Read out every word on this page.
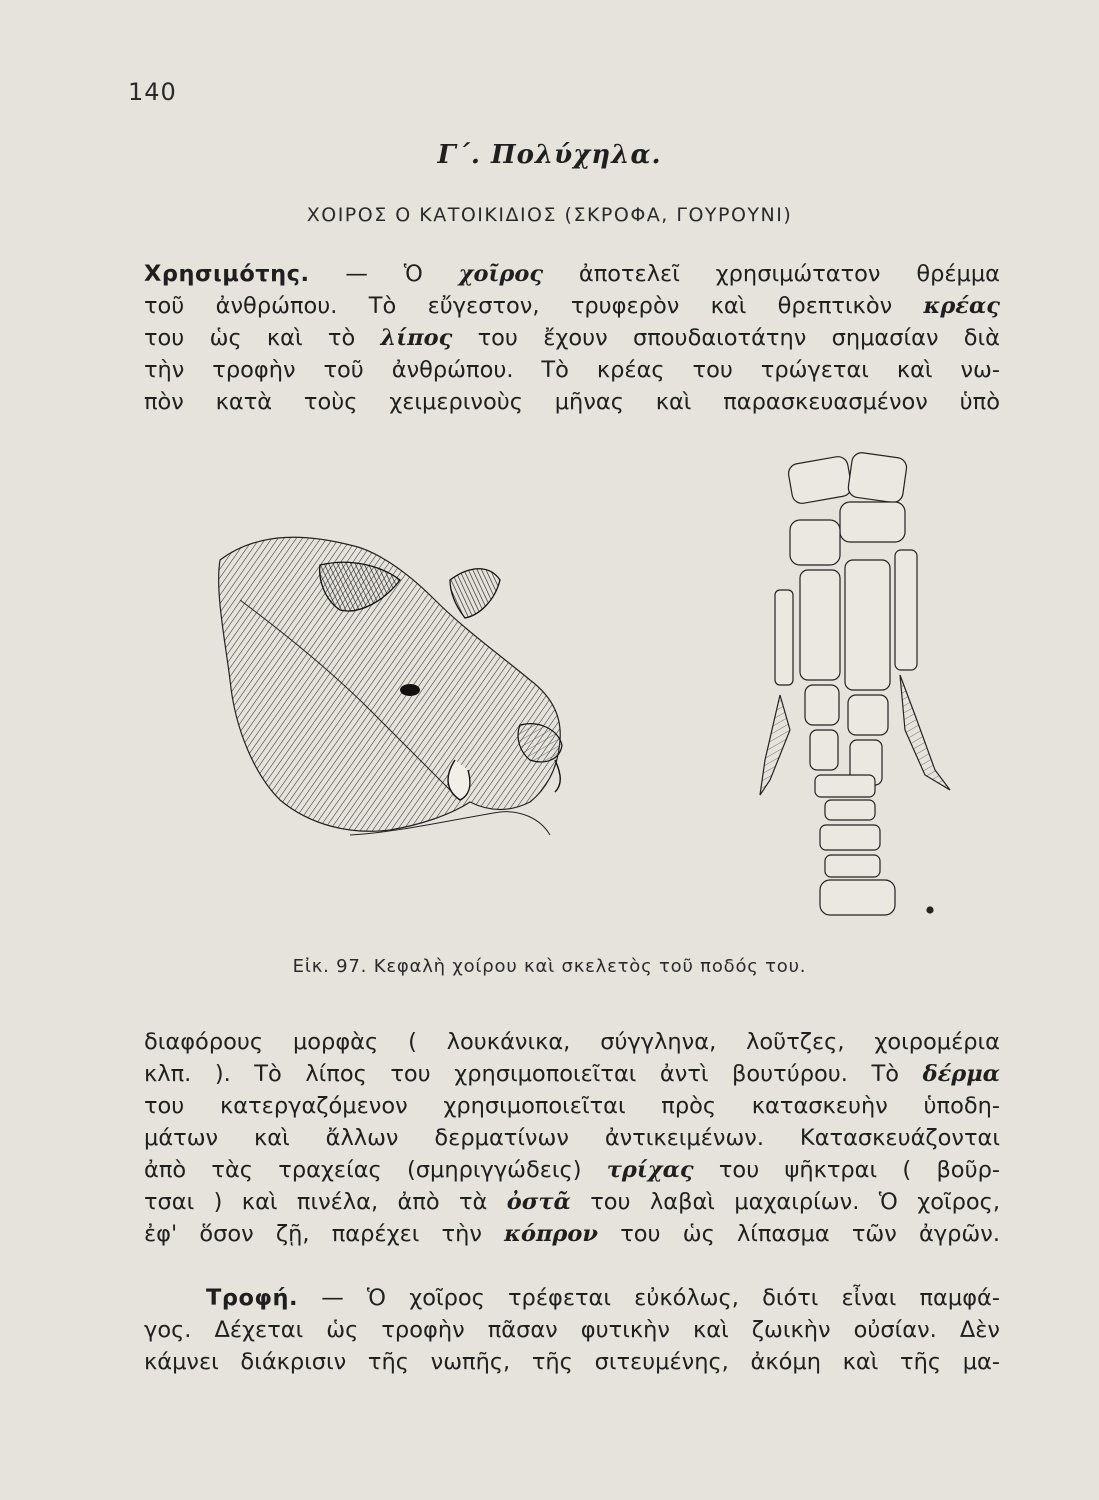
140
Γ΄. Πολύχηλα.
ΧΟΙΡΟΣ Ο ΚΑΤΟΙΚΙΔΙΟΣ (ΣΚΡΟΦΑ, ΓΟΥΡΟΥΝΙ)
Χρησιμότης. — Ὁ χοῖρος ἀποτελεῖ χρησιμώτατον θρέμμα
τοῦ ἀνθρώπου. Τὸ εὔγεστον, τρυφερὸν καὶ θρεπτικὸν κρέας
του ὡς καὶ τὸ λίπος του ἔχουν σπουδαιοτάτην σημασίαν διὰ
τὴν τροφὴν τοῦ ἀνθρώπου. Τὸ κρέας του τρώγεται καὶ νω-
πὸν κατὰ τοὺς χειμερινοὺς μῆνας καὶ παρασκευασμένον ὑπὸ
Εἰκ. 97. Κεφαλὴ χοίρου καὶ σκελετὸς τοῦ ποδός του.
διαφόρους μορφὰς ( λουκάνικα, σύγγληνα, λοῦτζες, χοιρομέρια
κλπ. ). Τὸ λίπος του χρησιμοποιεῖται ἀντὶ βουτύρου. Τὸ δέρμα
του κατεργαζόμενον χρησιμοποιεῖται πρὸς κατασκευὴν ὑποδη-
μάτων καὶ ἄλλων δερματίνων ἀντικειμένων. Κατασκευάζονται
ἀπὸ τὰς τραχείας (σμηριγγώδεις) τρίχας του ψῆκτραι ( βοῦρ-
τσαι ) καὶ πινέλα, ἀπὸ τὰ ὀστᾶ του λαβαὶ μαχαιρίων. Ὁ χοῖρος,
ἐφ' ὅσον ζῇ, παρέχει τὴν κόπρον του ὡς λίπασμα τῶν ἀγρῶν.
Τροφή. — Ὁ χοῖρος τρέφεται εὐκόλως, διότι εἶναι παμφά-
γος. Δέχεται ὡς τροφὴν πᾶσαν φυτικὴν καὶ ζωικὴν οὐσίαν. Δὲν
κάμνει διάκρισιν τῆς νωπῆς, τῆς σιτευμένης, ἀκόμη καὶ τῆς μα-
